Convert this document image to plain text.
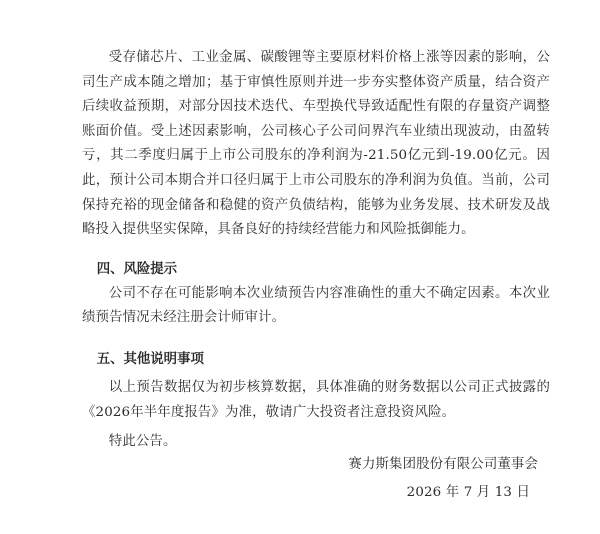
受存储芯片、工业金属、碳酸锂等主要原材料价格上涨等因素的影响，公司生产成本随之增加；基于审慎性原则并进一步夯实整体资产质量，结合资产后续收益预期，对部分因技术迭代、车型换代导致适配性有限的存量资产调整账面价值。受上述因素影响，公司核心子公司问界汽车业绩出现波动，由盈转亏，其二季度归属于上市公司股东的净利润为-21.50亿元到-19.00亿元。因此，预计公司本期合并口径归属于上市公司股东的净利润为负值。当前，公司保持充裕的现金储备和稳健的资产负债结构，能够为业务发展、技术研发及战略投入提供坚实保障，具备良好的持续经营能力和风险抵御能力。

四、风险提示

公司不存在可能影响本次业绩预告内容准确性的重大不确定因素。本次业绩预告情况未经注册会计师审计。

五、其他说明事项

以上预告数据仅为初步核算数据，具体准确的财务数据以公司正式披露的《2026年半年度报告》为准，敬请广大投资者注意投资风险。

特此公告。

赛力斯集团股份有限公司董事会
2026 年 7 月 13 日
